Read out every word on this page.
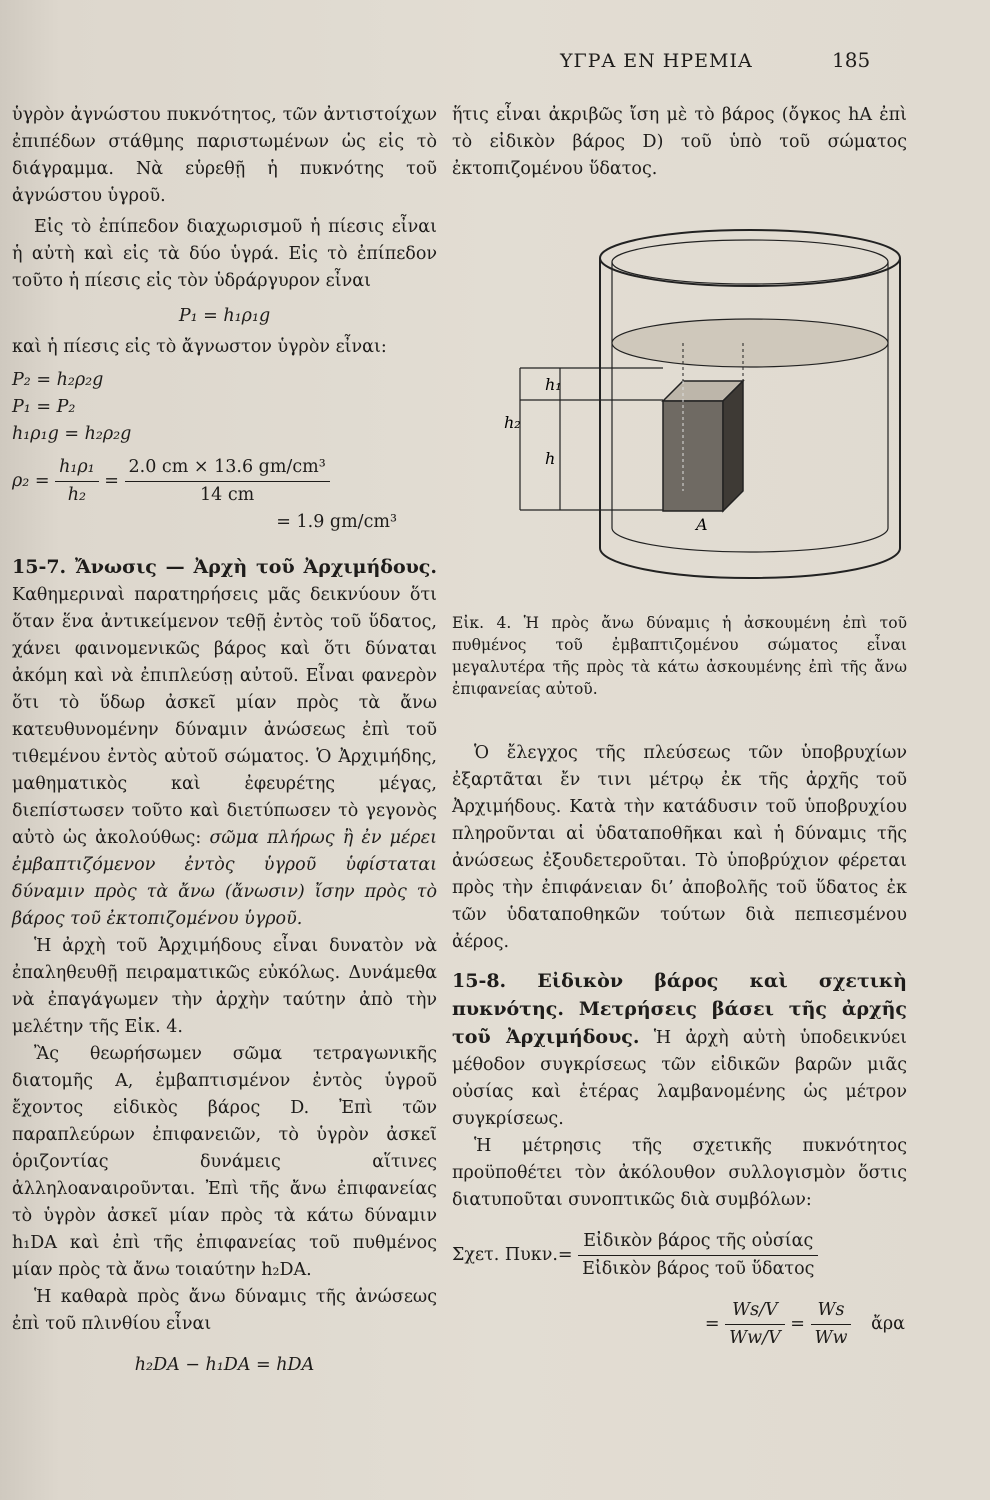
ΥΓΡΑ ΕΝ ΗΡΕΜΙΑ	185

ὑγρὸν ἀγνώστου πυκνότητος, τῶν ἀντιστοίχων ἐπιπέδων στάθμης παριστωμένων ὡς εἰς τὸ διάγραμμα. Νὰ εὑρεθῇ ἡ πυκνότης τοῦ ἀγνώστου ὑγροῦ.

Εἰς τὸ ἐπίπεδον διαχωρισμοῦ ἡ πίεσις εἶναι ἡ αὐτὴ καὶ εἰς τὰ δύο ὑγρά. Εἰς τὸ ἐπίπεδον τοῦτο ἡ πίεσις εἰς τὸν ὑδράργυρον εἶναι

P₁ = h₁ρ₁g

καὶ ἡ πίεσις εἰς τὸ ἄγνωστον ὑγρὸν εἶναι:

P₂ = h₂ρ₂g

P₁ = P₂

h₁ρ₁g = h₂ρ₂g

$\rho_2 = \frac{\text{h₁ρ₁}}{\text{h₂}} = \frac{\text{2.0 cm × 13.6 gm/cm³}}{14 cm}$

= 1.9 gm/cm³

15-7. Ἄνωσις — Ἀρχὴ τοῦ Ἀρχιμήδους. Καθημεριναὶ παρατηρήσεις μᾶς δεικνύουν ὅτι ὅταν ἕνα ἀντικείμενον τεθῇ ἐντὸς τοῦ ὕδατος, χάνει φαινομενικῶς βάρος καὶ ὅτι δύναται ἀκόμη καὶ νὰ ἐπιπλεύσῃ αὐτοῦ. Εἶναι φανερὸν ὅτι τὸ ὕδωρ ἀσκεῖ μίαν πρὸς τὰ ἄνω κατευθυνομένην δύναμιν ἀνώσεως ἐπὶ τοῦ τιθεμένου ἐντὸς αὐτοῦ σώματος. Ὁ Ἀρχιμήδης, μαθηματικὸς καὶ ἐφευρέτης μέγας, διεπίστωσεν τοῦτο καὶ διετύπωσεν τὸ γεγονὸς αὐτὸ ὡς ἀκολούθως: σῶμα πλήρως ἢ ἐν μέρει ἐμβαπτιζόμενον ἐντὸς ὑγροῦ ὑφίσταται δύναμιν πρὸς τὰ ἄνω (ἄνωσιν) ἴσην πρὸς τὸ βάρος τοῦ ἐκτοπιζομένου ὑγροῦ.

Ἡ ἀρχὴ τοῦ Ἀρχιμήδους εἶναι δυνατὸν νὰ ἐπαληθευθῇ πειραματικῶς εὐκόλως. Δυνάμεθα νὰ ἐπαγάγωμεν τὴν ἀρχὴν ταύτην ἀπὸ τὴν μελέτην τῆς Εἰκ. 4.

Ἂς θεωρήσωμεν σῶμα τετραγωνικῆς διατομῆς A, ἐμβαπτισμένον ἐντὸς ὑγροῦ ἔχοντος εἰδικὸς βάρος D. Ἐπὶ τῶν παραπλεύρων ἐπιφανειῶν, τὸ ὑγρὸν ἀσκεῖ ὁριζοντίας δυνάμεις αἵτινες ἀλληλοαναιροῦνται. Ἐπὶ τῆς ἄνω ἐπιφανείας τὸ ὑγρὸν ἀσκεῖ μίαν πρὸς τὰ κάτω δύναμιν h₁DA καὶ ἐπὶ τῆς ἐπιφανείας τοῦ πυθμένος μίαν πρὸς τὰ ἄνω τοιαύτην h₂DA.

Ἡ καθαρὰ πρὸς ἄνω δύναμις τῆς ἀνώσεως ἐπὶ τοῦ πλινθίου εἶναι

h₂DA − h₁DA = hDA

ἥτις εἶναι ἀκριβῶς ἴση μὲ τὸ βάρος (ὄγκος hA ἐπὶ τὸ εἰδικὸν βάρος D) τοῦ ὑπὸ τοῦ σώματος ἐκτοπιζομένου ὕδατος.

h₁
h₂
h
A

Εἰκ. 4. Ἡ πρὸς ἄνω δύναμις ἡ ἀσκουμένη ἐπὶ τοῦ πυθμένος τοῦ ἐμβαπτιζομένου σώματος εἶναι μεγαλυτέρα τῆς πρὸς τὰ κάτω ἀσκουμένης ἐπὶ τῆς ἄνω ἐπιφανείας αὐτοῦ.

Ὁ ἔλεγχος τῆς πλεύσεως τῶν ὑποβρυχίων ἐξαρτᾶται ἔν τινι μέτρῳ ἐκ τῆς ἀρχῆς τοῦ Ἀρχιμήδους. Κατὰ τὴν κατάδυσιν τοῦ ὑποβρυχίου πληροῦνται αἱ ὑδαταποθῆκαι καὶ ἡ δύναμις τῆς ἀνώσεως ἐξουδετεροῦται. Τὸ ὑποβρύχιον φέρεται πρὸς τὴν ἐπιφάνειαν δι’ ἀποβολῆς τοῦ ὕδατος ἐκ τῶν ὑδαταποθηκῶν τούτων διὰ πεπιεσμένου ἀέρος.

15-8. Εἰδικὸν βάρος καὶ σχετικὴ πυκνότης. Μετρήσεις βάσει τῆς ἀρχῆς τοῦ Ἀρχιμήδους. Ἡ ἀρχὴ αὐτὴ ὑποδεικνύει μέθοδον συγκρίσεως τῶν εἰδικῶν βαρῶν μιᾶς οὐσίας καὶ ἑτέρας λαμβανομένης ὡς μέτρον συγκρίσεως.

Ἡ μέτρησις τῆς σχετικῆς πυκνότητος προϋποθέτει τὸν ἀκόλουθον συλλογισμὸν ὅστις διατυποῦται συνοπτικῶς διὰ συμβόλων:

Σχετ. $\Pi\upsilon\kappa\nu.= \frac{\text{Εἰδικὸν βάρος τῆς οὐσίας}}{\text{Εἰδικὸν βάρος τοῦ ὕδατος}}$
= $\frac{Ws/V}{Ww/V} = \frac{Ws}{Ww}$ ἄρα
